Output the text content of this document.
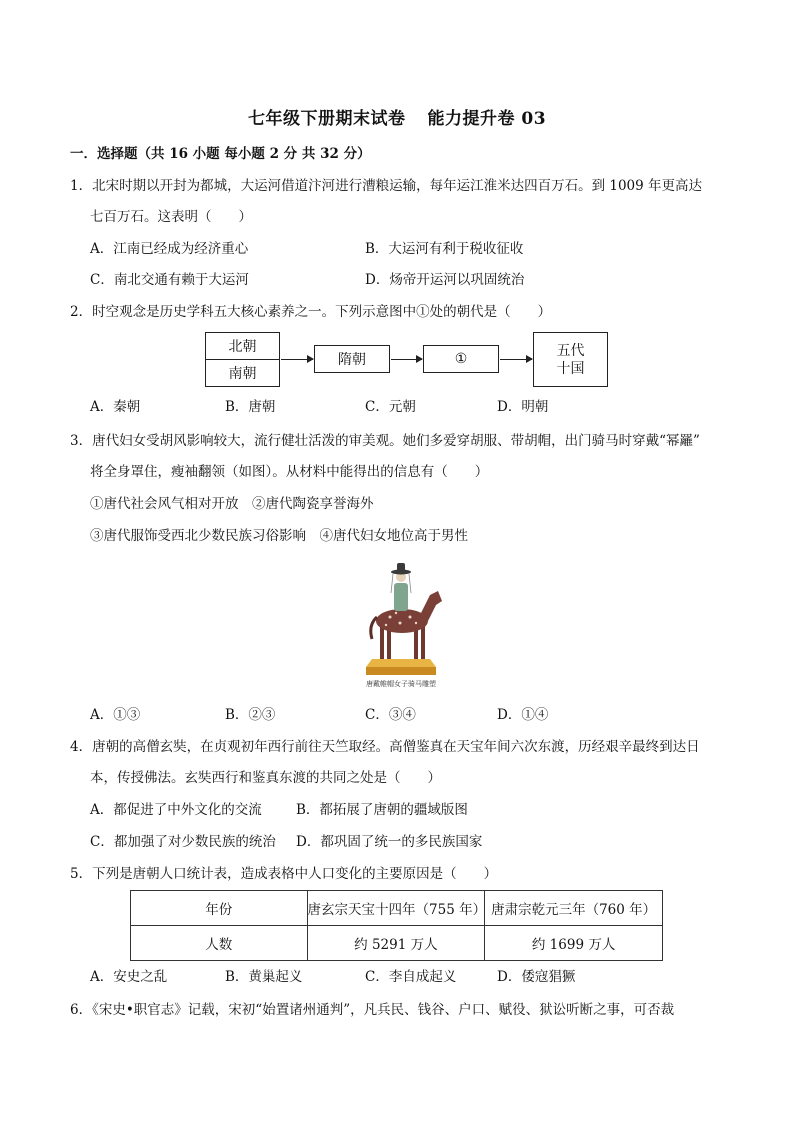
七年级下册期末试卷 能力提升卷 03
一．选择题（共 16 小题 每小题 2 分 共 32 分）
1．北宋时期以开封为都城，大运河借道汴河进行漕粮运输，每年运江淮米达四百万石。到 1009 年更高达
七百万石。这表明（　　）
A．江南已经成为经济重心	B．大运河有利于税收征收
C．南北交通有赖于大运河	D．炀帝开运河以巩固统治
2．时空观念是历史学科五大核心素养之一。下列示意图中①处的朝代是（　　）
北朝
南朝
隋朝	①
五代
十国
A．秦朝	B．唐朝	C．元朝	D．明朝
3．唐代妇女受胡风影响较大，流行健壮活泼的审美观。她们多爱穿胡服、带胡帽，出门骑马时穿戴“幂䍦”
将全身罩住，瘦袖翻领（如图）。从材料中能得出的信息有（　　）
①唐代社会风气相对开放　②唐代陶瓷享誉海外
③唐代服饰受西北少数民族习俗影响　④唐代妇女地位高于男性
唐戴帷帽女子骑马雕塑
A．①③	B．②③	C．③④	D．①④
4．唐朝的高僧玄奘，在贞观初年西行前往天竺取经。高僧鉴真在天宝年间六次东渡，历经艰辛最终到达日
本，传授佛法。玄奘西行和鉴真东渡的共同之处是（　　）
A．都促进了中外文化的交流	B．都拓展了唐朝的疆域版图
C．都加强了对少数民族的统治 D．都巩固了统一的多民族国家
5．下列是唐朝人口统计表，造成表格中人口变化的主要原因是（　　）
年份	唐玄宗天宝十四年（755 年）	唐肃宗乾元三年（760 年）
人数	约 5291 万人	约 1699 万人
A．安史之乱	B．黄巢起义	C．李自成起义	D．倭寇猖獗
6．《宋史•职官志》记载，宋初“始置诸州通判”，凡兵民、钱谷、户口、赋役、狱讼听断之事，可否裁
